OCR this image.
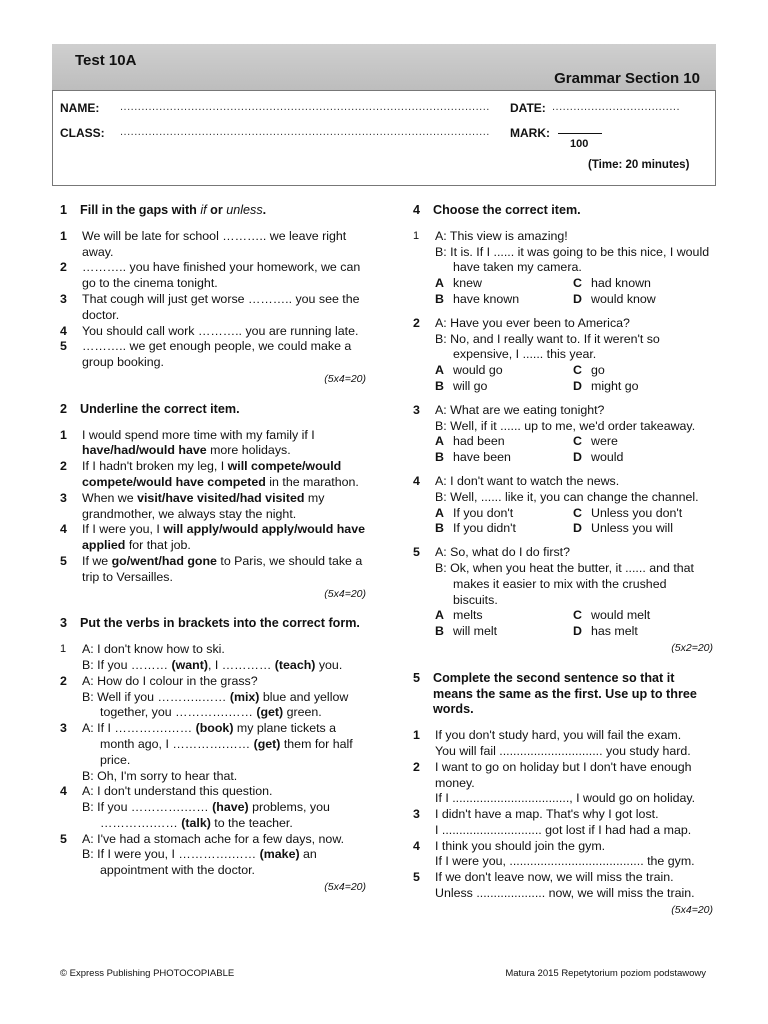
Test 10A
Grammar Section 10
NAME: ........................................................................................................	DATE: ....................................
CLASS: ........................................................................................................	MARK:
100
(Time: 20 minutes)
1	Fill in the gaps with if or unless.
1	We will be late for school ……….. we leave right away.
2	……….. you have finished your homework, we can go to the cinema tonight.
3	That cough will just get worse ……….. you see the doctor.
4	You should call work ……….. you are running late.
5	……….. we get enough people, we could make a group booking.
(5x4=20)
2	Underline the correct item.
1	I would spend more time with my family if I have/had/would have more holidays.
2	If I hadn't broken my leg, I will compete/would compete/would have competed in the marathon.
3	When we visit/have visited/had visited my grandmother, we always stay the night.
4	If I were you, I will apply/would apply/would have applied for that job.
5	If we go/went/had gone to Paris, we should take a trip to Versailles.
(5x4=20)
3	Put the verbs in brackets into the correct form.
1	A: I don't know how to ski.
B: If you ……… (want), I ………… (teach) you.
2	A: How do I colour in the grass?
B: Well if you ………..…… (mix) blue and yellow together, you ………….…… (get) green.
3	A: If I ………….…… (book) my plane tickets a month ago, I ………….…… (get) them for half price.
B: Oh, I'm sorry to hear that.
4	A: I don't understand this question.
B: If you ………….…… (have) problems, you ………….…… (talk) to the teacher.
5	A: I've had a stomach ache for a few days, now.
B: If I were you, I ………….…… (make) an appointment with the doctor.
(5x4=20)
4	Choose the correct item.
1	A: This view is amazing!
B: It is. If I ...... it was going to be this nice, I would have taken my camera.
A knew	C had known
B have known	D would know
2	A: Have you ever been to America?
B: No, and I really want to. If it weren't so expensive, I ...... this year.
A would go	C go
B will go	D might go
3	A: What are we eating tonight?
B: Well, if it ...... up to me, we'd order takeaway.
A had been	C were
B have been	D would
4	A: I don't want to watch the news.
B: Well, ...... like it, you can change the channel.
A If you don't	C Unless you don't
B If you didn't	D Unless you will
5	A: So, what do I do first?
B: Ok, when you heat the butter, it ...... and that makes it easier to mix with the crushed biscuits.
A melts	C would melt
B will melt	D has melt
(5x2=20)
5	Complete the second sentence so that it means the same as the first. Use up to three words.
1	If you don't study hard, you will fail the exam.
You will fail .............................. you study hard.
2	I want to go on holiday but I don't have enough money.
If I .................................., I would go on holiday.
3	I didn't have a map. That's why I got lost.
I ............................. got lost if I had had a map.
4	I think you should join the gym.
If I were you, ....................................... the gym.
5	If we don't leave now, we will miss the train.
Unless .................... now, we will miss the train.
(5x4=20)
© Express Publishing PHOTOCOPIABLE	Matura 2015 Repetytorium poziom podstawowy
